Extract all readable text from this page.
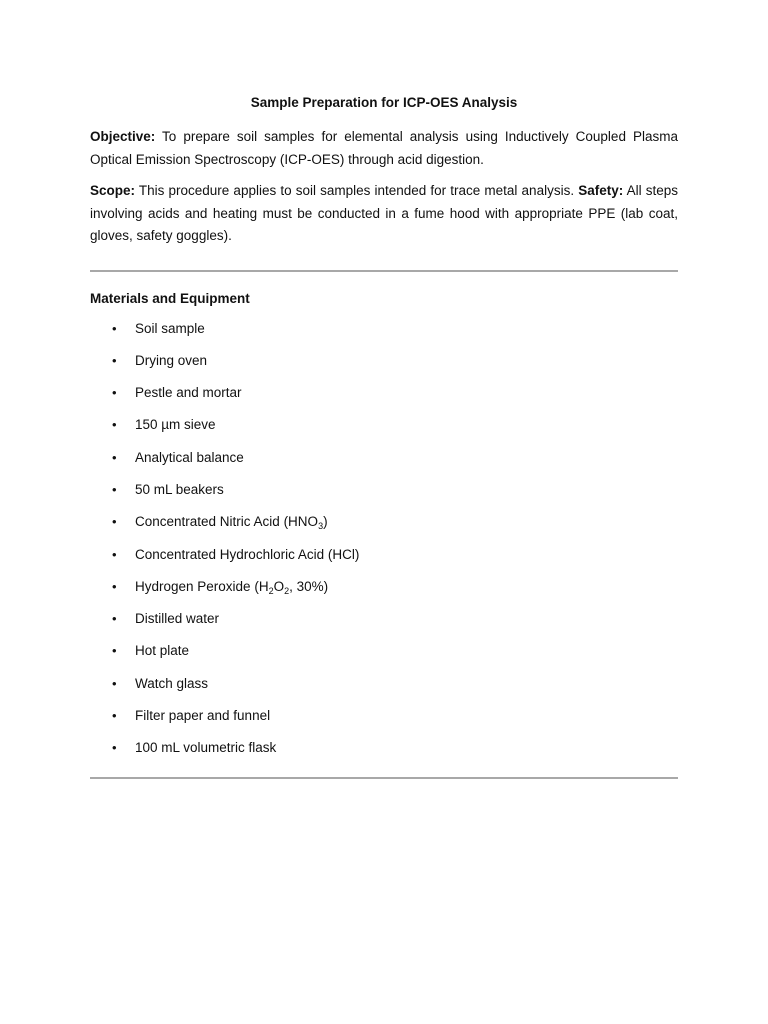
Sample Preparation for ICP-OES Analysis

Objective: To prepare soil samples for elemental analysis using Inductively Coupled Plasma Optical Emission Spectroscopy (ICP-OES) through acid digestion.

Scope: This procedure applies to soil samples intended for trace metal analysis. Safety: All steps involving acids and heating must be conducted in a fume hood with appropriate PPE (lab coat, gloves, safety goggles).

Materials and Equipment
• Soil sample
• Drying oven
• Pestle and mortar
• 150 µm sieve
• Analytical balance
• 50 mL beakers
• Concentrated Nitric Acid $(HNO_3)$
• Concentrated Hydrochloric Acid (HCl)
• Hydrogen Peroxide ($H_2O_2$, 30%)
• Distilled water
• Hot plate
• Watch glass
• Filter paper and funnel
• 100 mL volumetric flask
